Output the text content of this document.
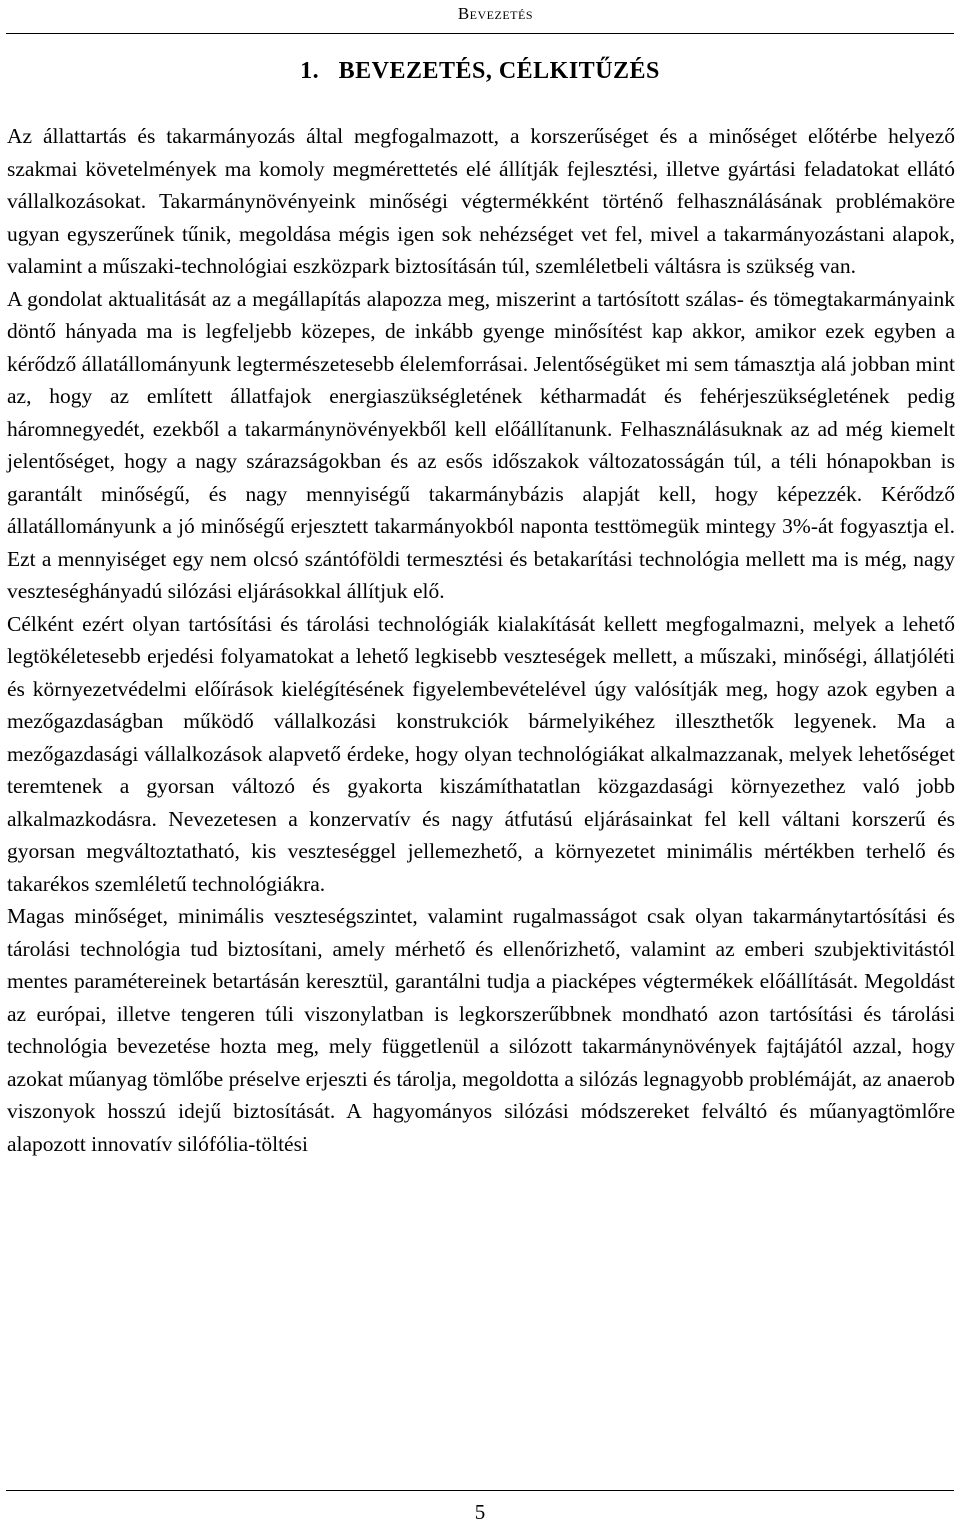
Bevezetés
1.   BEVEZETÉS, CÉLKITŰZÉS

Az állattartás és takarmányozás által megfogalmazott, a korszerűséget és a minőséget előtérbe helyező szakmai követelmények ma komoly megmérettetés elé állítják fejlesztési, illetve gyártási feladatokat ellátó vállalkozásokat. Takarmánynövényeink minőségi végtermékként történő felhasználásának problémaköre ugyan egyszerűnek tűnik, megoldása mégis igen sok nehézséget vet fel, mivel a takarmányozástani alapok, valamint a műszaki-technológiai eszközpark biztosításán túl, szemléletbeli váltásra is szükség van.

A gondolat aktualitását az a megállapítás alapozza meg, miszerint a tartósított szálas- és tömegtakarmányaink döntő hányada ma is legfeljebb közepes, de inkább gyenge minősítést kap akkor, amikor ezek egyben a kérődző állatállományunk legtermészetesebb élelemforrásai. Jelentőségüket mi sem támasztja alá jobban mint az, hogy az említett állatfajok energiaszükségletének kétharmadát és fehérjeszükségletének pedig háromnegyedét, ezekből a takarmánynövényekből kell előállítanunk. Felhasználásuknak az ad még kiemelt jelentőséget, hogy a nagy szárazságokban és az esős időszakok változatosságán túl, a téli hónapokban is garantált minőségű, és nagy mennyiségű takarmánybázis alapját kell, hogy képezzék. Kérődző állatállományunk a jó minőségű erjesztett takarmányokból naponta testtömegük mintegy 3%-át fogyasztja el. Ezt a mennyiséget egy nem olcsó szántóföldi termesztési és betakarítási technológia mellett ma is még, nagy veszteséghányadú silózási eljárásokkal állítjuk elő.

Célként ezért olyan tartósítási és tárolási technológiák kialakítását kellett megfogalmazni, melyek a lehető legtökéletesebb erjedési folyamatokat a lehető legkisebb veszteségek mellett, a műszaki, minőségi, állatjóléti és környezetvédelmi előírások kielégítésének figyelembevételével úgy valósítják meg, hogy azok egyben a mezőgazdaságban működő vállalkozási konstrukciók bármelyikéhez illeszthetők legyenek. Ma a mezőgazdasági vállalkozások alapvető érdeke, hogy olyan technológiákat alkalmazzanak, melyek lehetőséget teremtenek a gyorsan változó és gyakorta kiszámíthatatlan közgazdasági környezethez való jobb alkalmazkodásra. Nevezetesen a konzervatív és nagy átfutású eljárásainkat fel kell váltani korszerű és gyorsan megváltoztatható, kis veszteséggel jellemezhető, a környezetet minimális mértékben terhelő és takarékos szemléletű technológiákra.

Magas minőséget, minimális veszteségszintet, valamint rugalmasságot csak olyan takarmánytartósítási és tárolási technológia tud biztosítani, amely mérhető és ellenőrizhető, valamint az emberi szubjektivitástól mentes paramétereinek betartásán keresztül, garantálni tudja a piacképes végtermékek előállítását. Megoldást az európai, illetve tengeren túli viszonylatban is legkorszerűbbnek mondható azon tartósítási és tárolási technológia bevezetése hozta meg, mely függetlenül a silózott takarmánynövények fajtájától azzal, hogy azokat műanyag tömlőbe préselve erjeszti és tárolja, megoldotta a silózás legnagyobb problémáját, az anaerob viszonyok hosszú idejű biztosítását. A hagyományos silózási módszereket felváltó és műanyagtömlőre alapozott innovatív silófólia-töltési

5
